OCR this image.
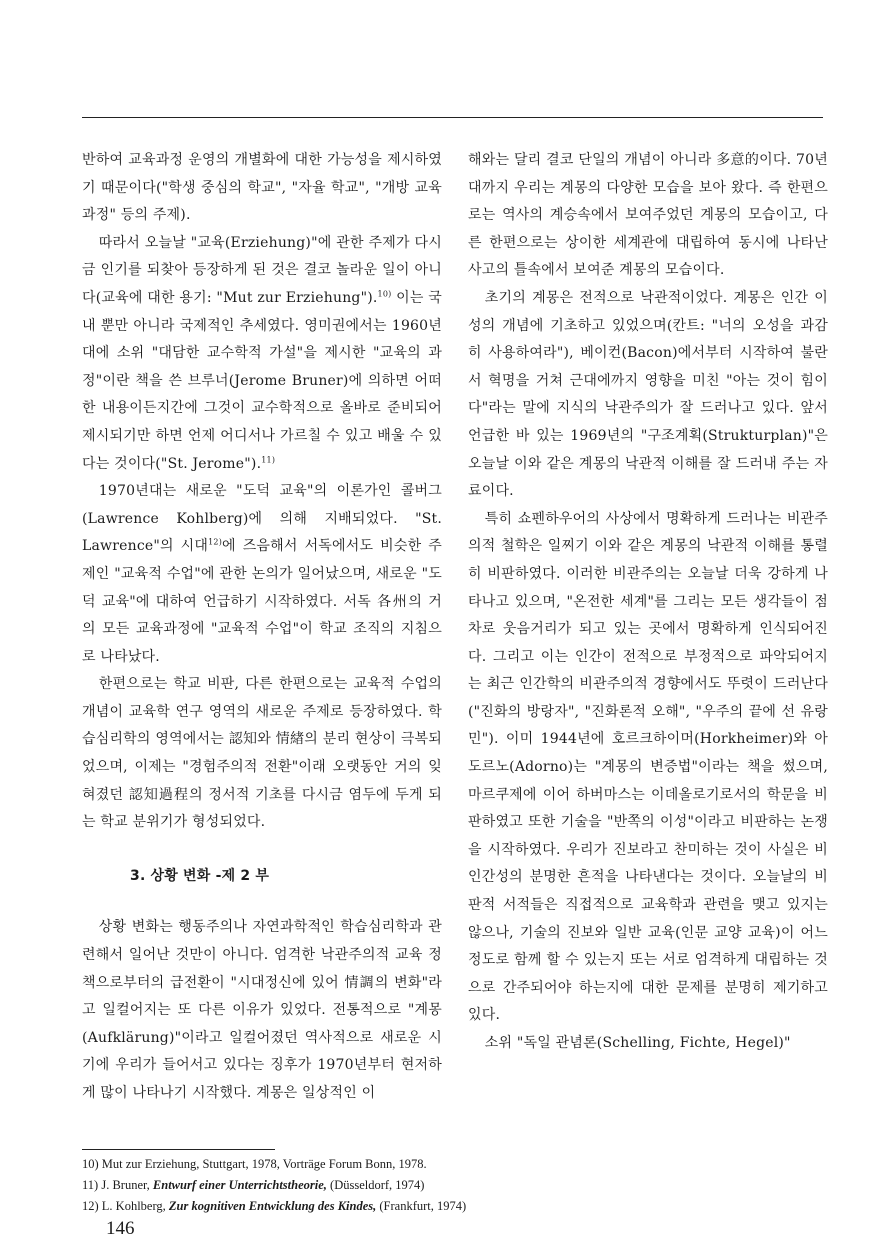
반하여 교육과정 운영의 개별화에 대한 가능성을 제시하였기 때문이다("학생 중심의 학교", "자율 학교", "개방 교육과정" 등의 주제).

따라서 오늘날 "교육(Erziehung)"에 관한 주제가 다시금 인기를 되찾아 등장하게 된 것은 결코 놀라운 일이 아니다(교육에 대한 용기: "Mut zur Erziehung").$^{10)}$ 이는 국내 뿐만 아니라 국제적인 추세였다. 영미권에서는 1960년대에 소위 "대담한 교수학적 가설"을 제시한 "교육의 과정"이란 책을 쓴 브루너(Jerome Bruner)에 의하면 어떠한 내용이든지간에 그것이 교수학적으로 올바로 준비되어 제시되기만 하면 언제 어디서나 가르칠 수 있고 배울 수 있다는 것이다("St. Jerome").$^{11)}$

1970년대는 새로운 "도덕 교육"의 이론가인 콜버그(Lawrence Kohlberg)에 의해 지배되었다. "St. Lawrence"의 시대$^{12)}$에 즈음해서 서독에서도 비슷한 주제인 "교육적 수업"에 관한 논의가 일어났으며, 새로운 "도덕 교육"에 대하여 언급하기 시작하였다. 서독 各州의 거의 모든 교육과정에 "교육적 수업"이 학교 조직의 지침으로 나타났다.

한편으로는 학교 비판, 다른 한편으로는 교육적 수업의 개념이 교육학 연구 영역의 새로운 주제로 등장하였다. 학습심리학의 영역에서는 認知와 情緖의 분리 현상이 극복되었으며, 이제는 "경험주의적 전환"이래 오랫동안 거의 잊혀졌던 認知過程의 정서적 기초를 다시금 염두에 두게 되는 학교 분위기가 형성되었다.

3. 상황 변화 -제 2 부

상황 변화는 행동주의나 자연과학적인 학습심리학과 관련해서 일어난 것만이 아니다. 엄격한 낙관주의적 교육 정책으로부터의 급전환이 "시대정신에 있어 情調의 변화"라고 일컬어지는 또 다른 이유가 있었다. 전통적으로 "계몽(Aufklärung)"이라고 일컬어졌던 역사적으로 새로운 시기에 우리가 들어서고 있다는 징후가 1970년부터 현저하게 많이 나타나기 시작했다. 계몽은 일상적인 이

해와는 달리 결코 단일의 개념이 아니라 多意的이다. 70년대까지 우리는 계몽의 다양한 모습을 보아 왔다. 즉 한편으로는 역사의 계승속에서 보여주었던 계몽의 모습이고, 다른 한편으로는 상이한 세계관에 대립하여 동시에 나타난 사고의 틀속에서 보여준 계몽의 모습이다.

초기의 계몽은 전적으로 낙관적이었다. 계몽은 인간 이성의 개념에 기초하고 있었으며(칸트: "너의 오성을 과감히 사용하여라"), 베이컨(Bacon)에서부터 시작하여 불란서 혁명을 거쳐 근대에까지 영향을 미친 "아는 것이 힘이다"라는 말에 지식의 낙관주의가 잘 드러나고 있다. 앞서 언급한 바 있는 1969년의 "구조계획(Strukturplan)"은 오늘날 이와 같은 계몽의 낙관적 이해를 잘 드러내 주는 자료이다.

특히 쇼펜하우어의 사상에서 명확하게 드러나는 비관주의적 철학은 일찌기 이와 같은 계몽의 낙관적 이해를 통렬히 비판하였다. 이러한 비관주의는 오늘날 더욱 강하게 나타나고 있으며, "온전한 세계"를 그리는 모든 생각들이 점차로 웃음거리가 되고 있는 곳에서 명확하게 인식되어진다. 그리고 이는 인간이 전적으로 부정적으로 파악되어지는 최근 인간학의 비관주의적 경향에서도 뚜렷이 드러난다("진화의 방랑자", "진화론적 오해", "우주의 끝에 선 유랑민"). 이미 1944년에 호르크하이머(Horkheimer)와 아도르노(Adorno)는 "계몽의 변증법"이라는 책을 썼으며, 마르쿠제에 이어 하버마스는 이데올로기로서의 학문을 비판하였고 또한 기술을 "반쪽의 이성"이라고 비판하는 논쟁을 시작하였다. 우리가 진보라고 찬미하는 것이 사실은 비인간성의 분명한 흔적을 나타낸다는 것이다. 오늘날의 비판적 서적들은 직접적으로 교육학과 관련을 맺고 있지는 않으나, 기술의 진보와 일반 교육(인문 교양 교육)이 어느 정도로 함께 할 수 있는지 또는 서로 엄격하게 대립하는 것으로 간주되어야 하는지에 대한 문제를 분명히 제기하고 있다.

소위 "독일 관념론(Schelling, Fichte, Hegel)"

10) Mut zur Erziehung, Stuttgart, 1978, Vorträge Forum Bonn, 1978.
11) J. Bruner, Entwurf einer Unterrichtstheorie, (Düsseldorf, 1974)
12) L. Kohlberg, Zur kognitiven Entwicklung des Kindes, (Frankfurt, 1974)
146
